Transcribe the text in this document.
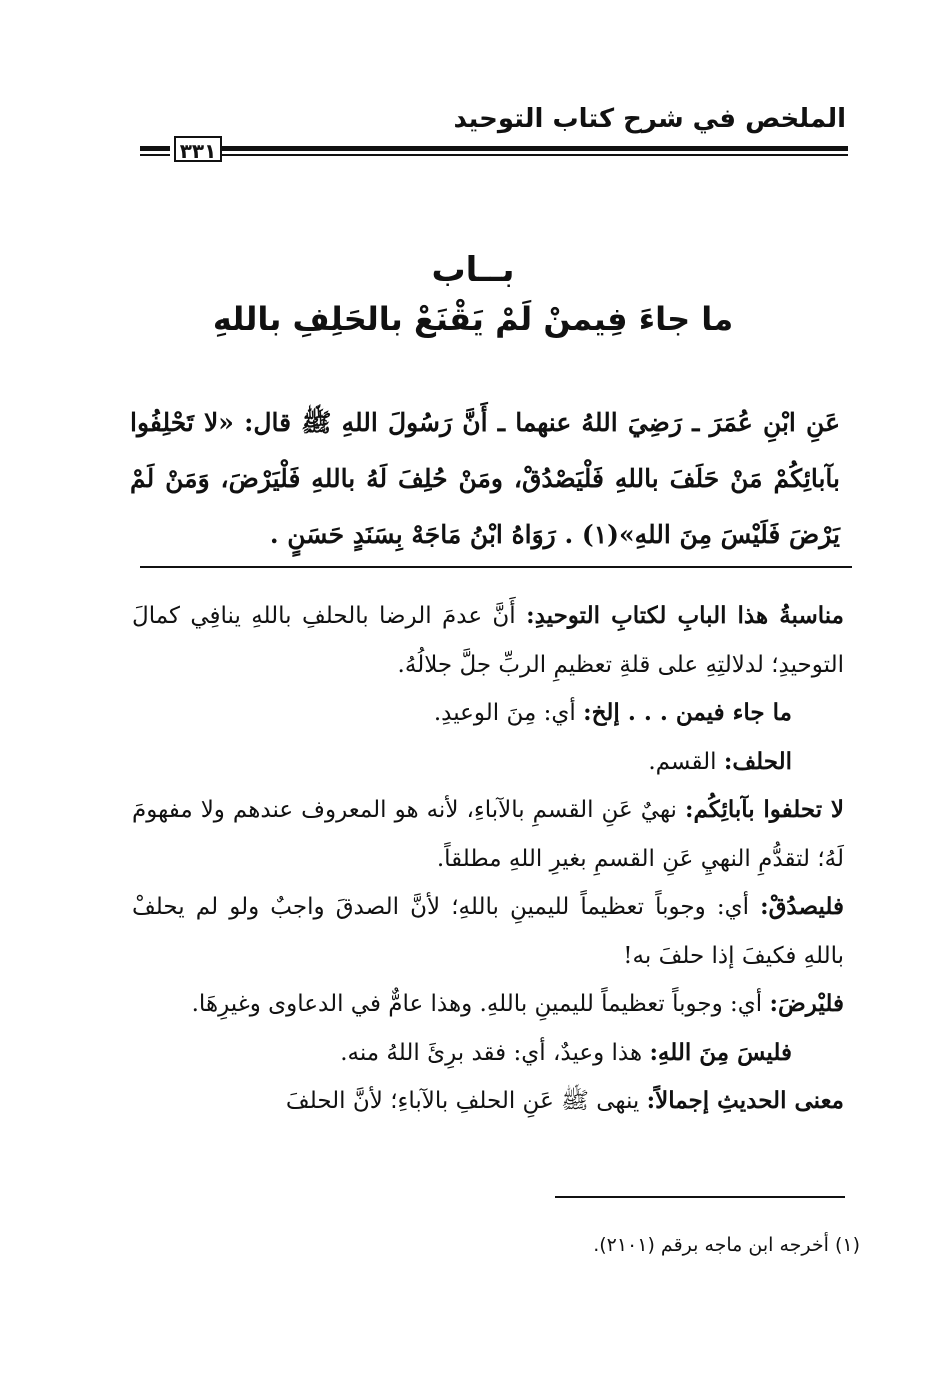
الملخص في شرح كتاب التوحيد
٣٣١
بــاب
ما جاءَ فِيمنْ لَمْ يَقْنَعْ بالحَلِفِ باللهِ
عَنِ ابْنِ عُمَرَ ـ رَضِيَ اللهُ عنهما ـ أَنَّ رَسُولَ اللهِ ﷺ قال: «لا تَحْلِفُوا بآبائِكُمْ مَنْ حَلَفَ باللهِ فَلْيَصْدُقْ، ومَنْ حُلِفَ لَهُ باللهِ فَلْيَرْضَ، وَمَنْ لَمْ يَرْضَ فَلَيْسَ مِنَ اللهِ»(١) . رَوَاهُ ابْنُ مَاجَهْ بِسَنَدٍ حَسَنٍ .

مناسبةُ هذا البابِ لكتابِ التوحيدِ: أَنَّ عدمَ الرضا بالحلفِ باللهِ ينافِي كمالَ التوحيدِ؛ لدلالتِهِ على قلةِ تعظيمِ الربِّ جلَّ جلالُهُ.

ما جاء فيمن . . . إلخ: أي: مِنَ الوعيدِ.

الحلف: القسم.

لا تحلفوا بآبائِكُم: نهيٌ عَنِ القسمِ بالآباءِ، لأنه هو المعروف عندهم ولا مفهومَ لَهُ؛ لتقدُّمِ النهيِ عَنِ القسمِ بغيرِ اللهِ مطلقاً.

فليصدُقْ: أي: وجوباً تعظيماً لليمينِ باللهِ؛ لأنَّ الصدقَ واجبٌ ولو لم يحلفْ باللهِ فكيفَ إذا حلفَ به!

فليْرضَ: أي: وجوباً تعظيماً لليمينِ باللهِ. وهذا عامٌّ في الدعاوى وغيرِهَا.

فليسَ مِنَ اللهِ: هذا وعيدٌ، أي: فقد برِئَ اللهُ منه.

معنى الحديثِ إجمالاً: ينهى ﷺ عَنِ الحلفِ بالآباءِ؛ لأنَّ الحلفَ

(١) أخرجه ابن ماجه برقم (٢١٠١).
